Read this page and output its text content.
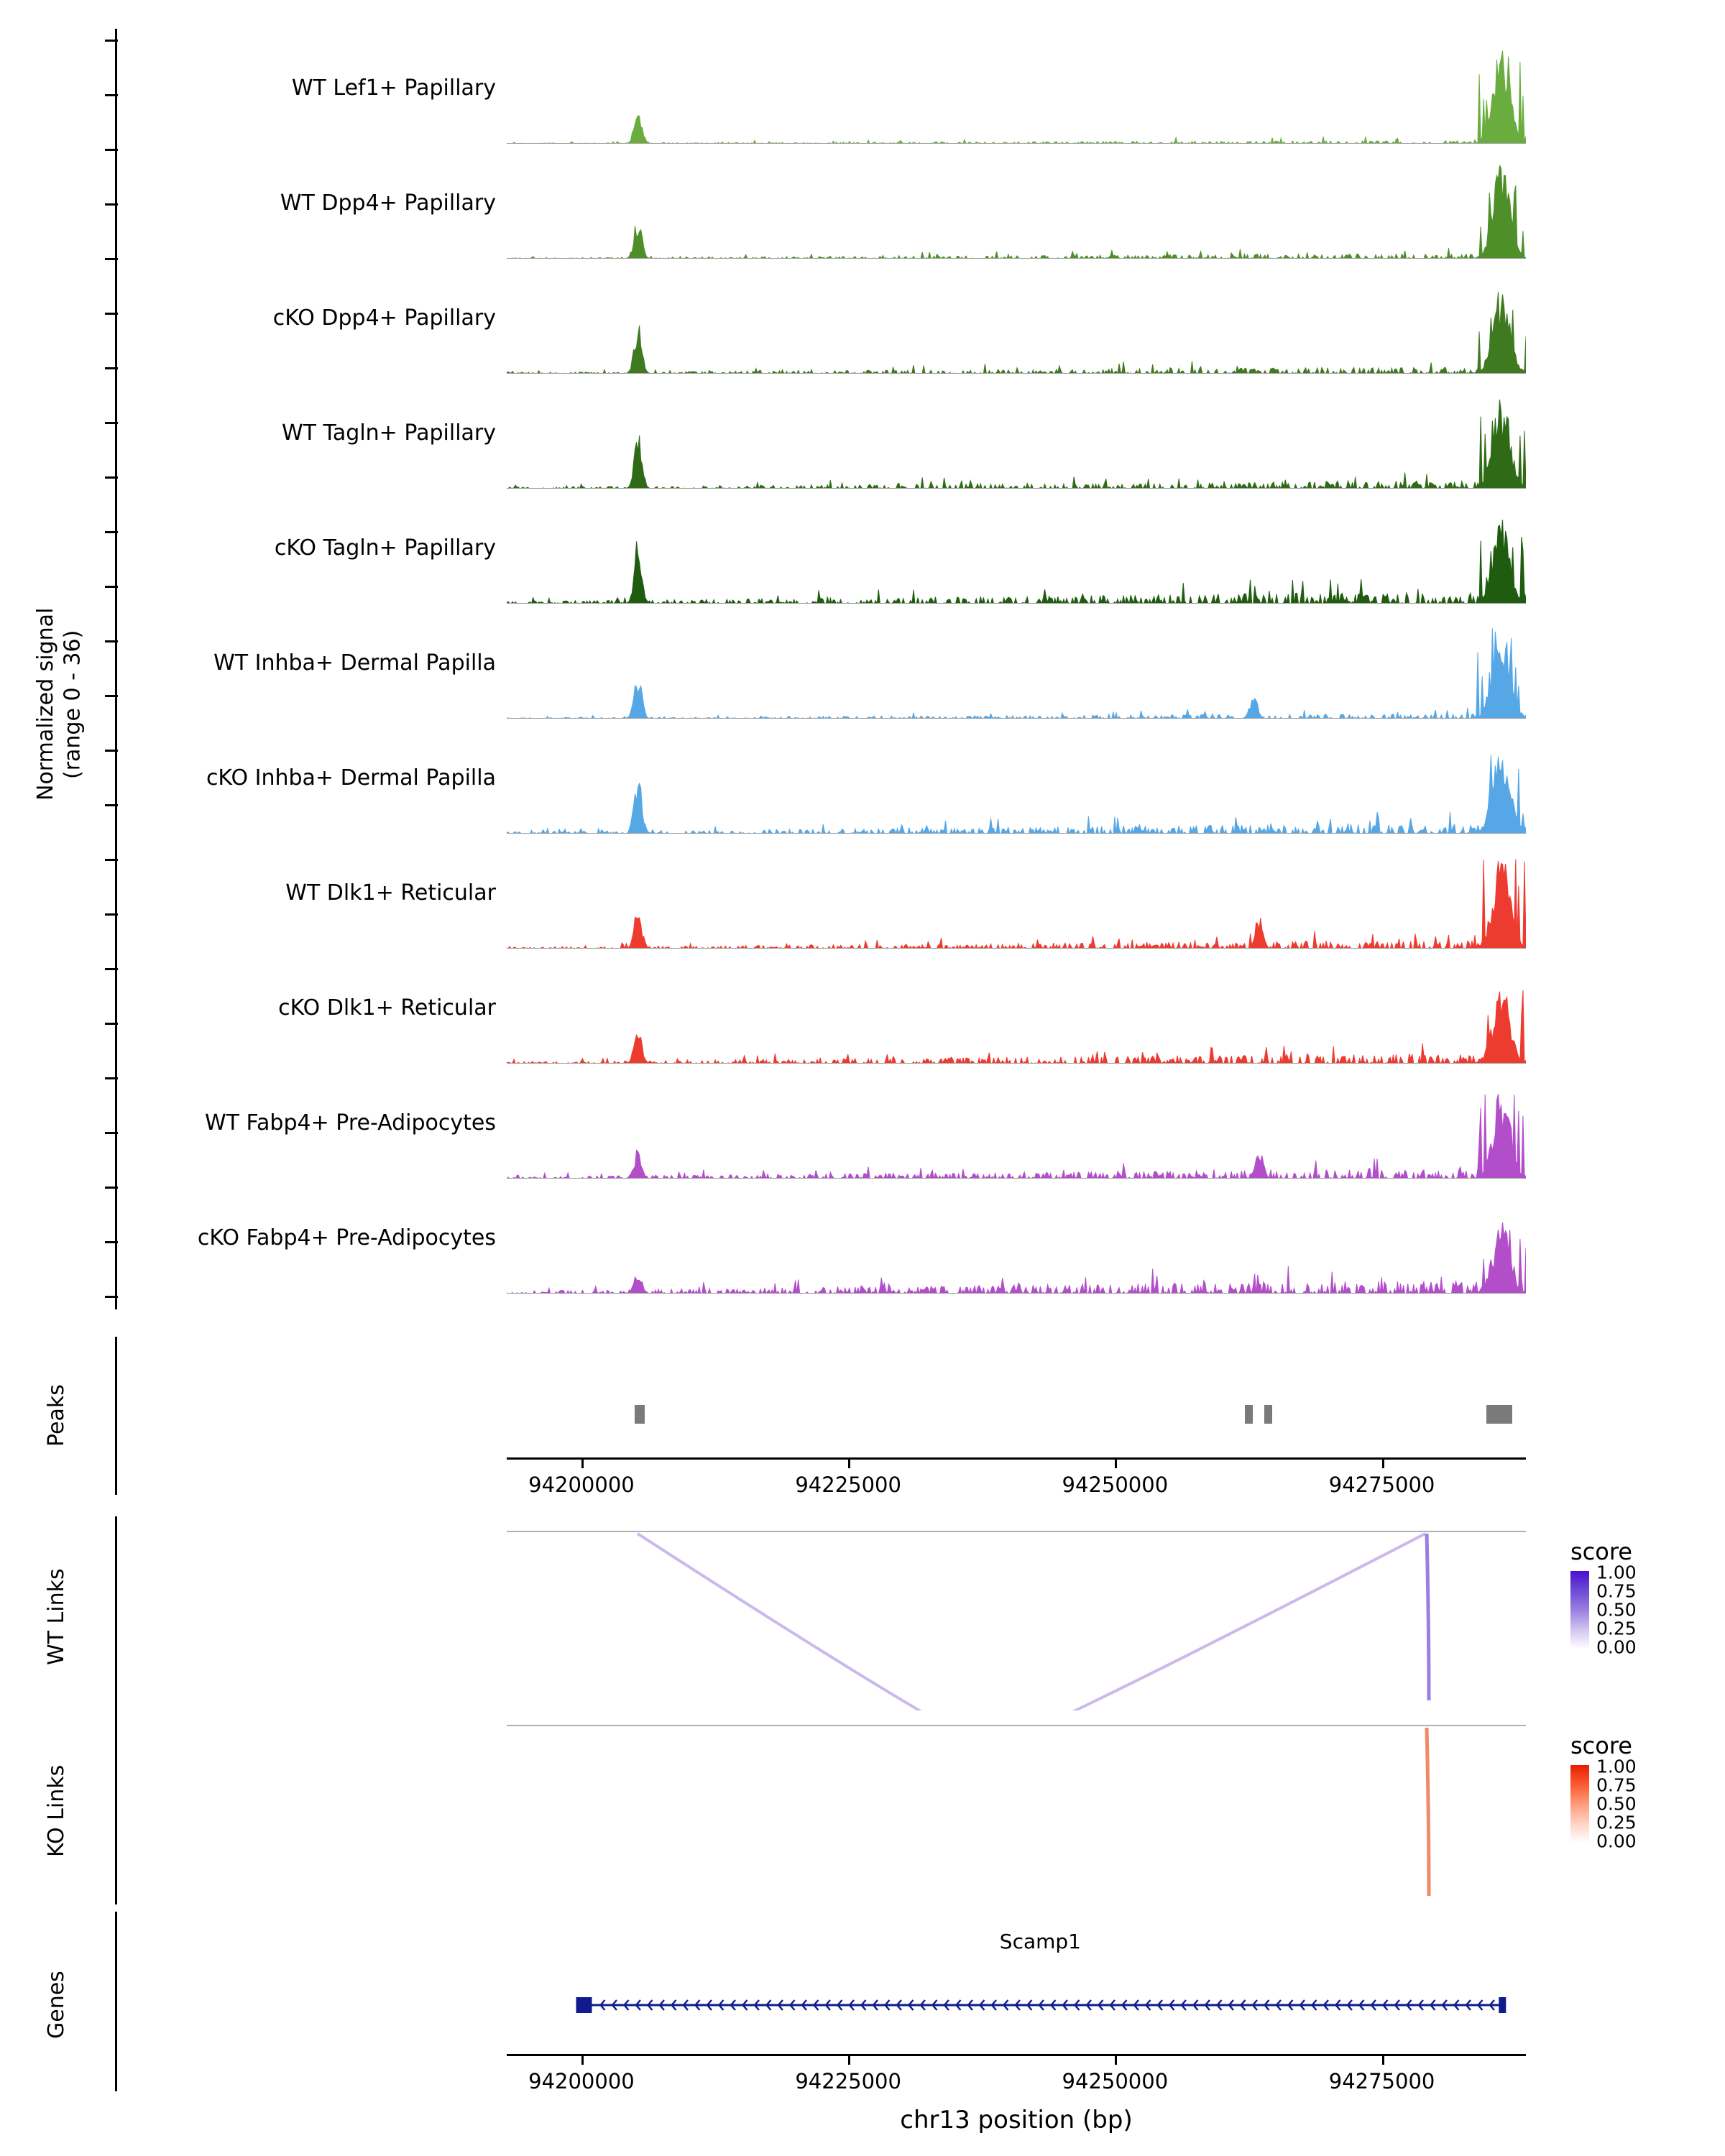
Normalized signal
(range 0 - 36)
WT Lef1+ Papillary
WT Dpp4+ Papillary
cKO Dpp4+ Papillary
WT Tagln+ Papillary
cKO Tagln+ Papillary
WT Inhba+ Dermal Papilla
cKO Inhba+ Dermal Papilla
WT Dlk1+ Reticular
cKO Dlk1+ Reticular
WT Fabp4+ Pre-Adipocytes
cKO Fabp4+ Pre-Adipocytes
Peaks
94200000	94225000	94250000	94275000
WT Links
score
1.00
0.75
0.50
0.25
0.00
KO Links
score
1.00
0.75
0.50
0.25
0.00
Genes
Scamp1
94200000	94225000	94250000	94275000
chr13 position (bp)
